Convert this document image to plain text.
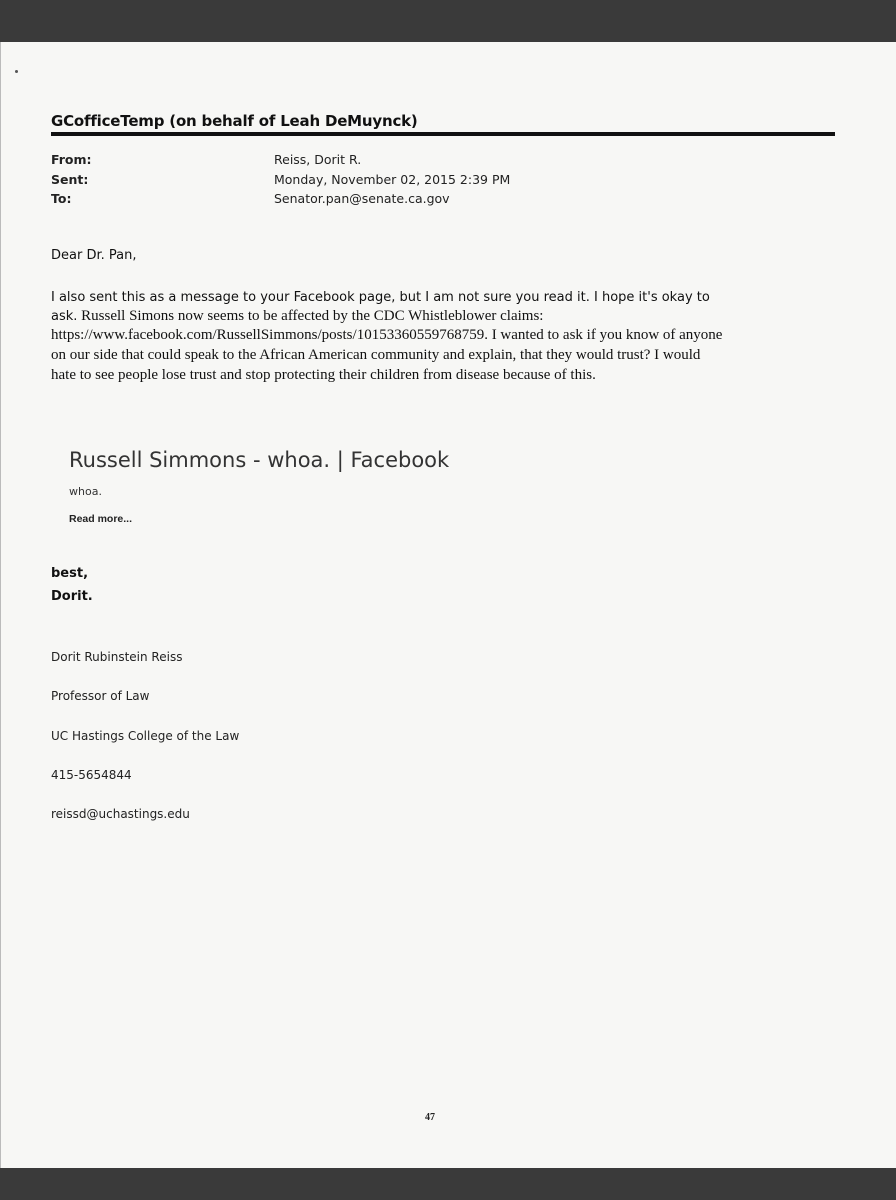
GCofficeTemp (on behalf of Leah DeMuynck)
From:	Reiss, Dorit R.
Sent:	Monday, November 02, 2015 2:39 PM
To:	Senator.pan@senate.ca.gov
Dear Dr. Pan,
I also sent this as a message to your Facebook page, but I am not sure you read it. I hope it's okay to
ask. Russell Simons now seems to be affected by the CDC Whistleblower claims:
https://www.facebook.com/RussellSimmons/posts/10153360559768759. I wanted to ask if you know of anyone
on our side that could speak to the African American community and explain, that they would trust? I would
hate to see people lose trust and stop protecting their children from disease because of this.
Russell Simmons - whoa. | Facebook
whoa.
Read more...
best,
Dorit.
Dorit Rubinstein Reiss
Professor of Law
UC Hastings College of the Law
415-5654844
reissd@uchastings.edu
47
